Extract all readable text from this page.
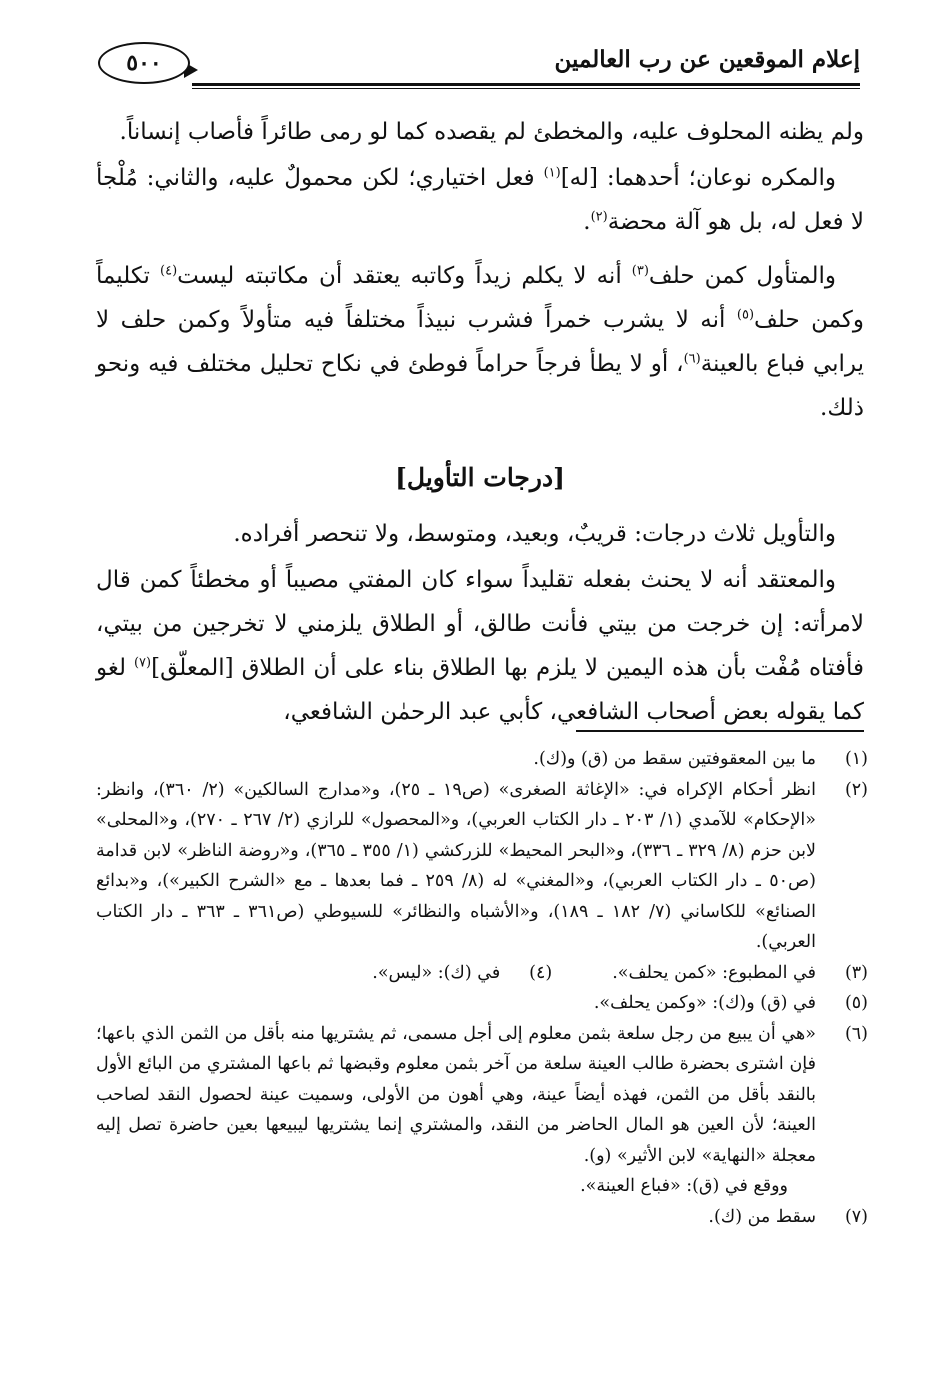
إعلام الموقعين عن رب العالمين
٥٠٠

ولم يظنه المحلوف عليه، والمخطئ لم يقصده كما لو رمى طائراً فأصاب إنساناً.

والمكره نوعان؛ أحدهما: [له]$^{(١)}$ فعل اختياري؛ لكن محمولٌ عليه، والثاني: مُلْجأ لا فعل له، بل هو آلة محضة$^{(٢)}$.

والمتأول كمن حلف$^{(٣)}$ أنه لا يكلم زيداً وكاتبه يعتقد أن مكاتبته ليست$^{(٤)}$ تكليماً وكمن حلف$^{(٥)}$ أنه لا يشرب خمراً فشرب نبيذاً مختلفاً فيه متأولاً وكمن حلف لا يرابي فباع بالعينة$^{(٦)}$، أو لا يطأ فرجاً حراماً فوطئ في نكاح تحليل مختلف فيه ونحو ذلك.

[درجات التأويل]

والتأويل ثلاث درجات: قريبٌ، وبعيد، ومتوسط، ولا تنحصر أفراده.

والمعتقد أنه لا يحنث بفعله تقليداً سواء كان المفتي مصيباً أو مخطئاً كمن قال لامرأته: إن خرجت من بيتي فأنت طالق، أو الطلاق يلزمني لا تخرجين من بيتي، فأفتاه مُفْت بأن هذه اليمين لا يلزم بها الطلاق بناء على أن الطلاق [المعلّق]$^{(٧)}$ لغو كما يقوله بعض أصحاب الشافعي، كأبي عبد الرحمٰن الشافعي،

(١)
ما بين المعقوفتين سقط من (ق) و(ك).
(٢)
انظر أحكام الإكراه في: «الإغاثة الصغرى» (ص١٩ ـ ٢٥)، و«مدارج السالكين» (٢/ ٣٦٠)، وانظر: «الإحكام» للآمدي (١/ ٢٠٣ ـ دار الكتاب العربي)، و«المحصول» للرازي (٢/ ٢٦٧ ـ ٢٧٠)، و«المحلى» لابن حزم (٨/ ٣٢٩ ـ ٣٣٦)، و«البحر المحيط» للزركشي (١/ ٣٥٥ ـ ٣٦٥)، و«روضة الناظر» لابن قدامة (ص٥٠ ـ دار الكتاب العربي)، و«المغني» له (٨/ ٢٥٩ ـ فما بعدها ـ مع «الشرح الكبير»)، و«بدائع الصنائع» للكاساني (٧/ ١٨٢ ـ ١٨٩)، و«الأشباه والنظائر» للسيوطي (ص٣٦١ ـ ٣٦٣ ـ دار الكتاب العربي).
(٣)
في المطبوع: «كمن يحلف».
(٤)
في (ك): «ليس».
(٥)
في (ق) و(ك): «وكمن يحلف».
(٦)
«هي أن يبيع من رجل سلعة بثمن معلوم إلى أجل مسمى، ثم يشتريها منه بأقل من الثمن الذي باعها؛ فإن اشترى بحضرة طالب العينة سلعة من آخر بثمن معلوم وقبضها ثم باعها المشتري من البائع الأول بالنقد بأقل من الثمن، فهذه أيضاً عينة، وهي أهون من الأولى، وسميت عينة لحصول النقد لصاحب العينة؛ لأن العين هو المال الحاضر من النقد، والمشتري إنما يشتريها ليبيعها بعين حاضرة تصل إليه معجلة «النهاية» لابن الأثير» (و).
ووقع في (ق): «فباع العينة».
(٧)
سقط من (ك).
